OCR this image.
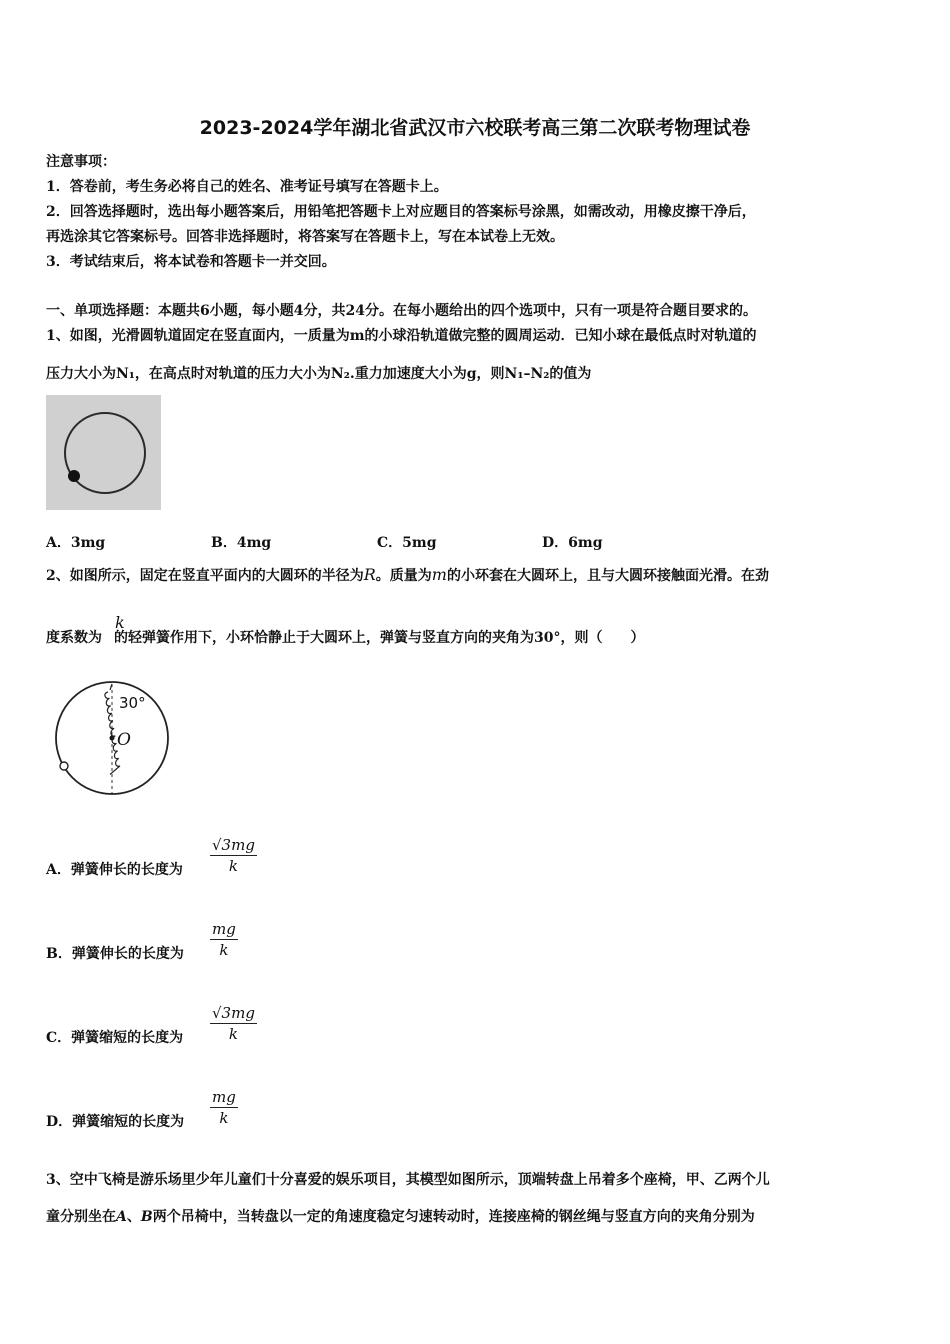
2023-2024学年湖北省武汉市六校联考高三第二次联考物理试卷
注意事项：
1．答卷前，考生务必将自己的姓名、准考证号填写在答题卡上。
2．回答选择题时，选出每小题答案后，用铅笔把答题卡上对应题目的答案标号涂黑，如需改动，用橡皮擦干净后，
再选涂其它答案标号。回答非选择题时，将答案写在答题卡上，写在本试卷上无效。
3．考试结束后，将本试卷和答题卡一并交回。
一、单项选择题：本题共6小题，每小题4分，共24分。在每小题给出的四个选项中，只有一项是符合题目要求的。
1、如图，光滑圆轨道固定在竖直面内，一质量为m的小球沿轨道做完整的圆周运动．已知小球在最低点时对轨道的
压力大小为N₁，在高点时对轨道的压力大小为N₂.重力加速度大小为g，则N₁–N₂的值为
A．3mg	B．4mg	C．5mg	D．6mg
2、如图所示，固定在竖直平面内的大圆环的半径为R。质量为m的小环套在大圆环上，且与大圆环接触面光滑。在劲
k
度系数为 的轻弹簧作用下，小环恰静止于大圆环上，弹簧与竖直方向的夹角为30°，则（　　）
30°
O
A．弹簧伸长的长度为 $\frac{√3mg}{k}$
B．弹簧伸长的长度为 $\frac{mg}{k}$
C．弹簧缩短的长度为 $\frac{√3mg}{k}$
D．弹簧缩短的长度为 $\frac{mg}{k}$
3、空中飞椅是游乐场里少年儿童们十分喜爱的娱乐项目，其模型如图所示，顶端转盘上吊着多个座椅，甲、乙两个儿
童分别坐在A、B两个吊椅中，当转盘以一定的角速度稳定匀速转动时，连接座椅的钢丝绳与竖直方向的夹角分别为
